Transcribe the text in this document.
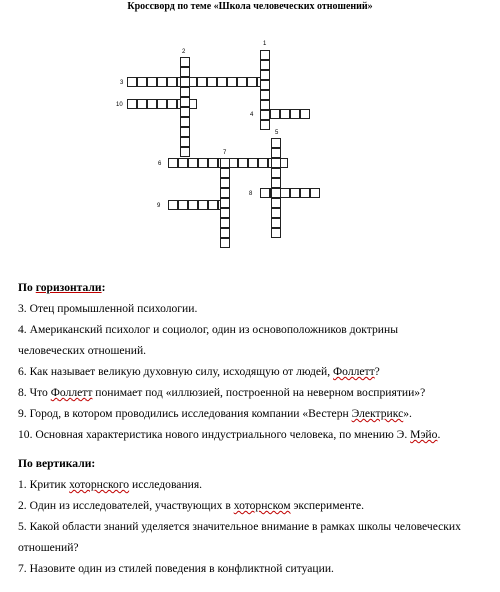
Кроссворд по теме «Школа человеческих отношений»
1
2
3
4
5
6
7
8
9
10
По горизонтали:
3. Отец промышленной психологии.
4. Американский психолог и социолог, один из основоположников доктрины
человеческих отношений.
6. Как называет великую духовную силу, исходящую от людей, Фоллетт?
8. Что Фоллетт понимает под «иллюзией, построенной на неверном восприятии»?
9. Город, в котором проводились исследования компании «Вестерн Электрикс».
10. Основная характеристика нового индустриального человека, по мнению Э. Мэйо.
По вертикали:
1. Критик хоторнского исследования.
2. Один из исследователей, участвующих в хоторнском эксперименте.
5. Какой области знаний уделяется значительное внимание в рамках школы человеческих
отношений?
7. Назовите один из стилей поведения в конфликтной ситуации.
